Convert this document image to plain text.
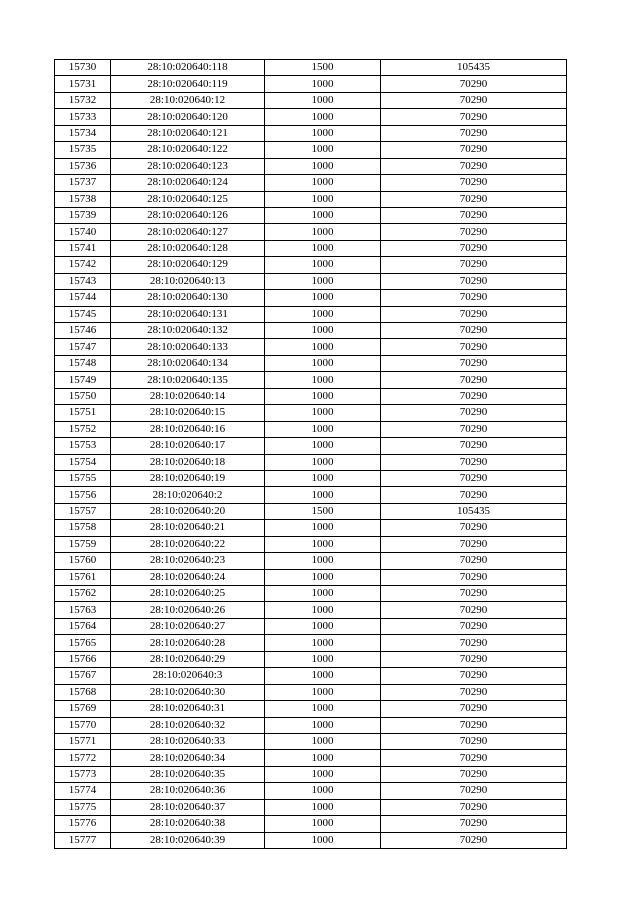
15730	28:10:020640:118	1500	105435
15731	28:10:020640:119	1000	70290
15732	28:10:020640:12	1000	70290
15733	28:10:020640:120	1000	70290
15734	28:10:020640:121	1000	70290
15735	28:10:020640:122	1000	70290
15736	28:10:020640:123	1000	70290
15737	28:10:020640:124	1000	70290
15738	28:10:020640:125	1000	70290
15739	28:10:020640:126	1000	70290
15740	28:10:020640:127	1000	70290
15741	28:10:020640:128	1000	70290
15742	28:10:020640:129	1000	70290
15743	28:10:020640:13	1000	70290
15744	28:10:020640:130	1000	70290
15745	28:10:020640:131	1000	70290
15746	28:10:020640:132	1000	70290
15747	28:10:020640:133	1000	70290
15748	28:10:020640:134	1000	70290
15749	28:10:020640:135	1000	70290
15750	28:10:020640:14	1000	70290
15751	28:10:020640:15	1000	70290
15752	28:10:020640:16	1000	70290
15753	28:10:020640:17	1000	70290
15754	28:10:020640:18	1000	70290
15755	28:10:020640:19	1000	70290
15756	28:10:020640:2	1000	70290
15757	28:10:020640:20	1500	105435
15758	28:10:020640:21	1000	70290
15759	28:10:020640:22	1000	70290
15760	28:10:020640:23	1000	70290
15761	28:10:020640:24	1000	70290
15762	28:10:020640:25	1000	70290
15763	28:10:020640:26	1000	70290
15764	28:10:020640:27	1000	70290
15765	28:10:020640:28	1000	70290
15766	28:10:020640:29	1000	70290
15767	28:10:020640:3	1000	70290
15768	28:10:020640:30	1000	70290
15769	28:10:020640:31	1000	70290
15770	28:10:020640:32	1000	70290
15771	28:10:020640:33	1000	70290
15772	28:10:020640:34	1000	70290
15773	28:10:020640:35	1000	70290
15774	28:10:020640:36	1000	70290
15775	28:10:020640:37	1000	70290
15776	28:10:020640:38	1000	70290
15777	28:10:020640:39	1000	70290
